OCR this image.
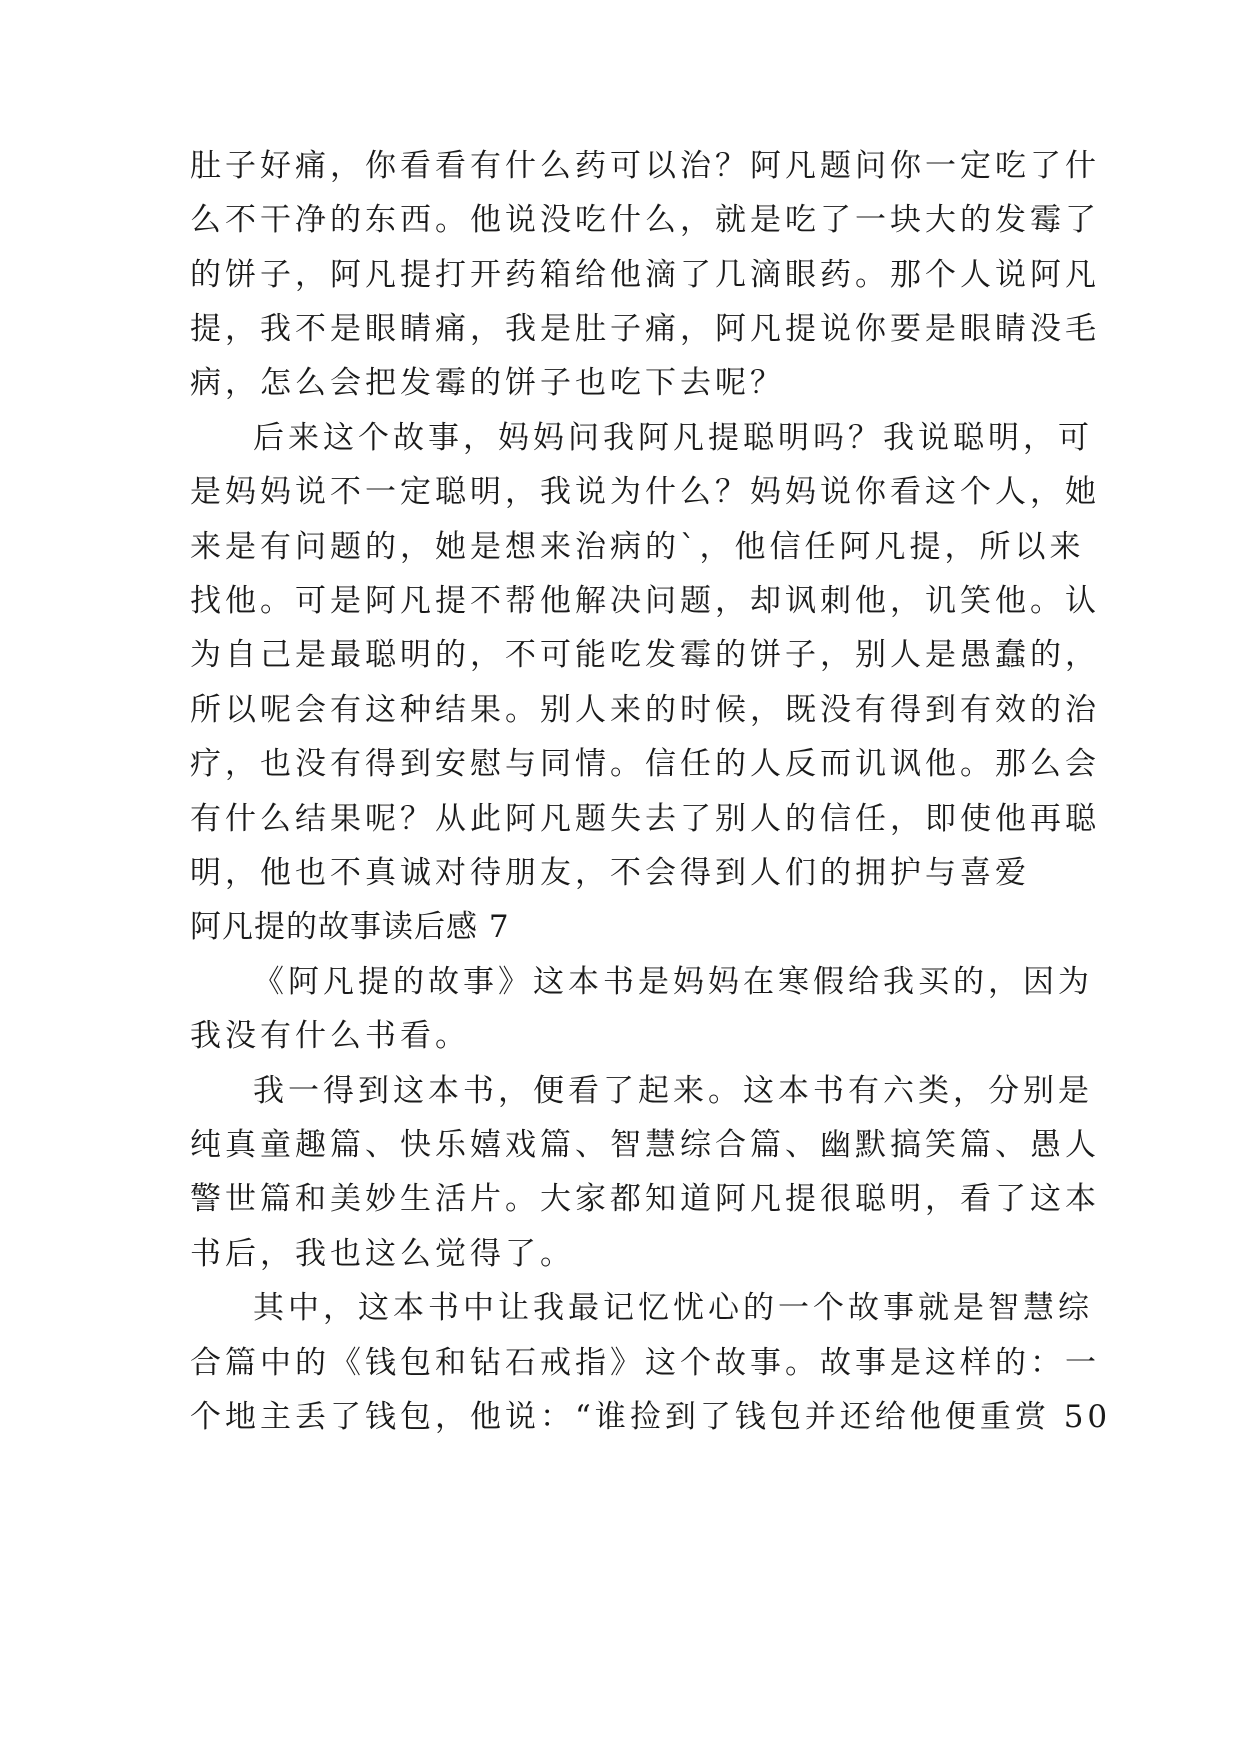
肚子好痛，你看看有什么药可以治？阿凡题问你一定吃了什
么不干净的东西。他说没吃什么，就是吃了一块大的发霉了
的饼子，阿凡提打开药箱给他滴了几滴眼药。那个人说阿凡
提，我不是眼睛痛，我是肚子痛，阿凡提说你要是眼睛没毛
病，怎么会把发霉的饼子也吃下去呢？
后来这个故事，妈妈问我阿凡提聪明吗？我说聪明，可
是妈妈说不一定聪明，我说为什么？妈妈说你看这个人，她
来是有问题的，她是想来治病的`，他信任阿凡提，所以来
找他。可是阿凡提不帮他解决问题，却讽刺他，讥笑他。认
为自己是最聪明的，不可能吃发霉的饼子，别人是愚蠢的，
所以呢会有这种结果。别人来的时候，既没有得到有效的治
疗，也没有得到安慰与同情。信任的人反而讥讽他。那么会
有什么结果呢？从此阿凡题失去了别人的信任，即使他再聪
明，他也不真诚对待朋友，不会得到人们的拥护与喜爱
阿凡提的故事读后感 7
《阿凡提的故事》这本书是妈妈在寒假给我买的，因为
我没有什么书看。
我一得到这本书，便看了起来。这本书有六类，分别是
纯真童趣篇、快乐嬉戏篇、智慧综合篇、幽默搞笑篇、愚人
警世篇和美妙生活片。大家都知道阿凡提很聪明，看了这本
书后，我也这么觉得了。
其中，这本书中让我最记忆忧心的一个故事就是智慧综
合篇中的《钱包和钻石戒指》这个故事。故事是这样的：一
个地主丢了钱包，他说：“谁捡到了钱包并还给他便重赏 50
